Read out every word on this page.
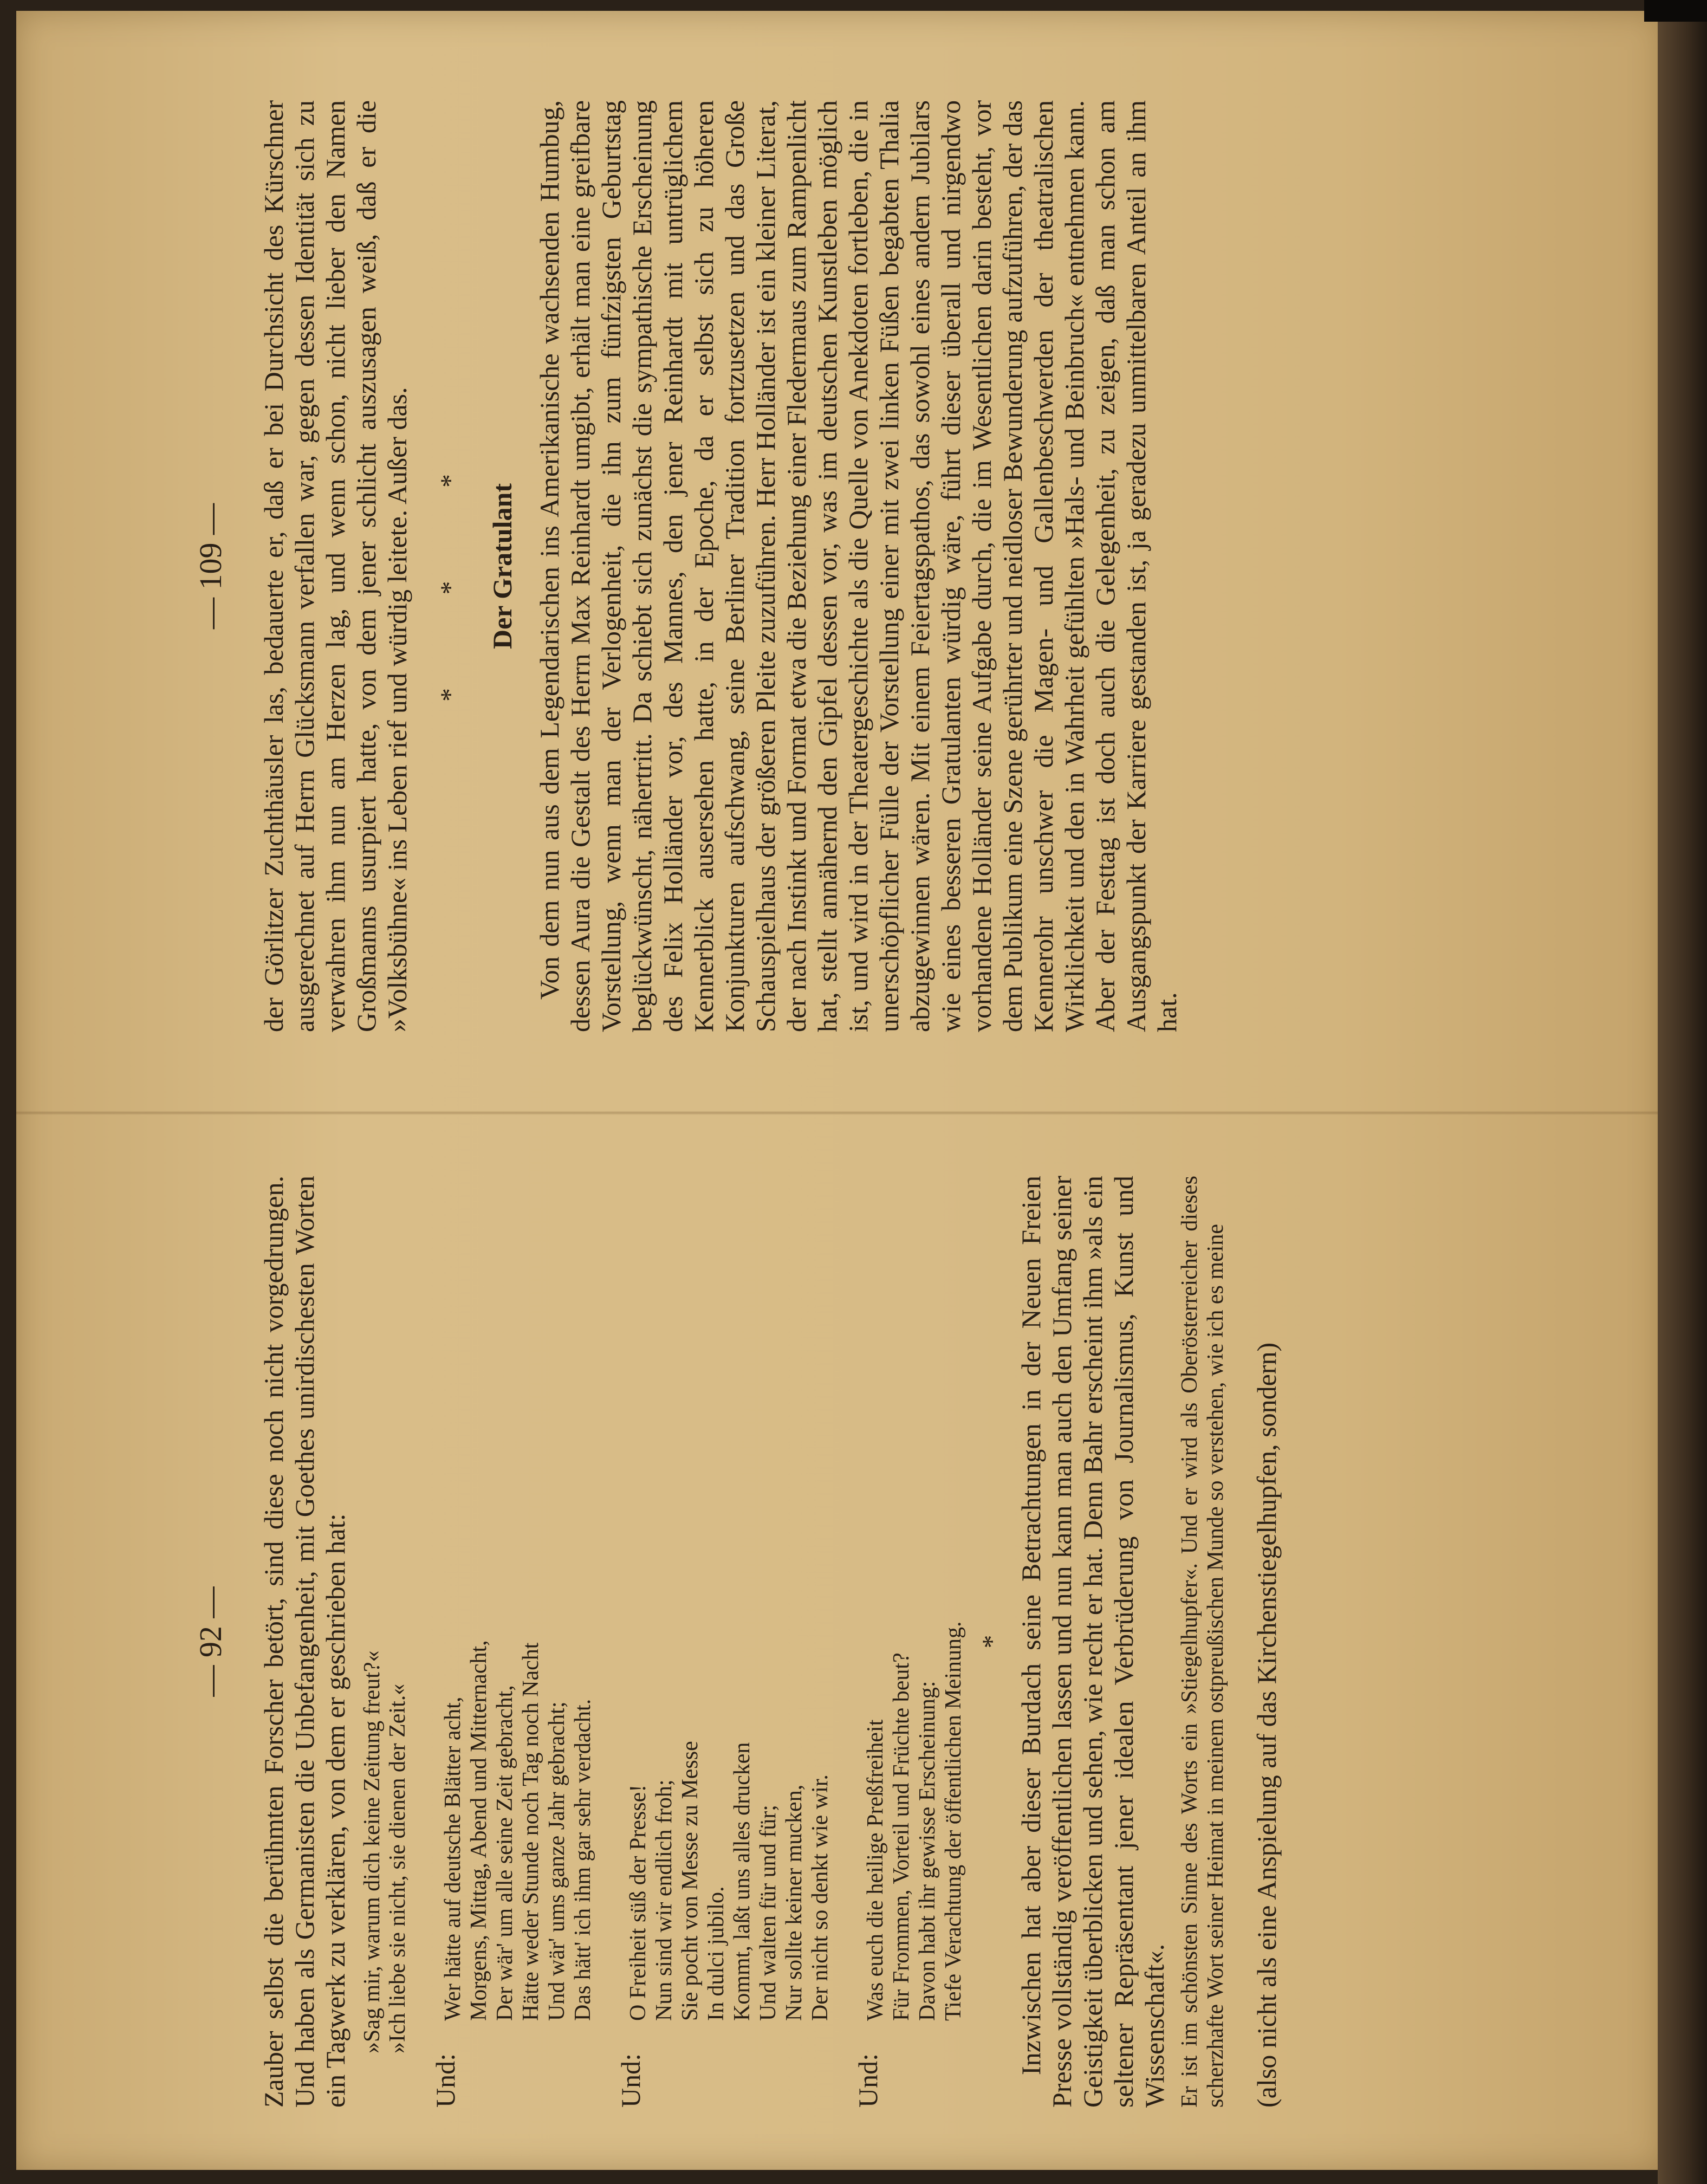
— 109 — der Görlitzer Zuchthäusler las, bedauerte er, daß er bei Durchsicht des Kürschner ausgerechnet auf Herrn Glücksmann verfallen war, gegen dessen Identität sich zu verwahren ihm nun am Herzen lag, und wenn schon, nicht lieber den Namen Großmanns usurpiert hatte, von dem jener schlicht auszusagen weiß, daß er die »Volksbühne« ins Leben rief und würdig leitete. Außer das. * * * Der Gratulant Von dem nun aus dem Legendarischen ins Amerikanische wachsenden Humbug, dessen Aura die Gestalt des Herrn Max Reinhardt umgibt, erhält man eine greifbare Vorstellung, wenn man der Verlogenheit, die ihn zum fünfzigsten Geburtstag beglückwünscht, nähertritt. Da schiebt sich zunächst die sympathische Erscheinung des Felix Holländer vor, des Mannes, den jener Reinhardt mit untrüglichem Kennerblick ausersehen hatte, in der Epoche, da er selbst sich zu höheren Konjunkturen aufschwang, seine Berliner Tradition fortzusetzen und das Große Schauspielhaus der größeren Pleite zuzuführen. Herr Holländer ist ein kleiner Literat, der nach Instinkt und Format etwa die Beziehung einer Fledermaus zum Rampenlicht hat, stellt annähernd den Gipfel dessen vor, was im deutschen Kunstleben möglich ist, und wird in der Theatergeschichte als die Quelle von Anekdoten fortleben, die in unerschöpflicher Fülle der Vorstellung einer mit zwei linken Füßen begabten Thalia abzugewinnen wären. Mit einem Feiertagspathos, das sowohl eines andern Jubilars wie eines besseren Gratulanten würdig wäre, führt dieser überall und nirgendwo vorhandene Holländer seine Aufgabe durch, die im Wesentlichen darin besteht, vor dem Publikum eine Szene gerührter und neidloser Bewunderung aufzuführen, der das Kennerohr unschwer die Magen- und Gallenbeschwerden der theatralischen Wirklichkeit und den in Wahrheit gefühlten »Hals- und Beinbruch« entnehmen kann. Aber der Festtag ist doch auch die Gelegenheit, zu zeigen, daß man schon am Ausgangspunkt der Karriere gestanden ist, ja geradezu unmittelbaren Anteil an ihm hat.

— 92 — Zauber selbst die berühmten Forscher betört, sind diese noch nicht vorgedrungen. Und haben als Germanisten die Unbefangenheit, mit Goethes unirdischesten Worten ein Tagwerk zu verklären, von dem er geschrieben hat: »Sag mir, warum dich keine Zeitung freut?« »Ich liebe sie nicht, sie dienen der Zeit.«
Und:
Wer hätte auf deutsche Blätter acht, Morgens, Mittag, Abend und Mitternacht, Der wär' um alle seine Zeit gebracht, Hätte weder Stunde noch Tag noch Nacht Und wär' ums ganze Jahr gebracht; Das hätt' ich ihm gar sehr verdacht.
Und:
O Freiheit süß der Presse! Nun sind wir endlich froh; Sie pocht von Messe zu Messe In dulci jubilo. Kommt, laßt uns alles drucken Und walten für und für; Nur sollte keiner mucken, Der nicht so denkt wie wir.
Und:
Was euch die heilige Preßfreiheit Für Frommen, Vorteil und Früchte beut? Davon habt ihr gewisse Erscheinung: Tiefe Verachtung der öffentlichen Meinung. * Inzwischen hat aber dieser Burdach seine Betrachtungen in der Neuen Freien Presse vollständig veröffentlichen lassen und nun kann man auch den Umfang seiner Geistigkeit überblicken und sehen, wie recht er hat. Denn Bahr erscheint ihm »als ein seltener Repräsentant jener idealen Verbrüderung von Journalismus, Kunst und Wissenschaft«. Er ist im schönsten Sinne des Worts ein »Stiegelhupfer«. Und er wird als Oberösterreicher dieses scherzhafte Wort seiner Heimat in meinem ostpreußischen Munde so verstehen, wie ich es meine (also nicht als eine Anspielung auf das Kirchenstiegelhupfen, sondern)
